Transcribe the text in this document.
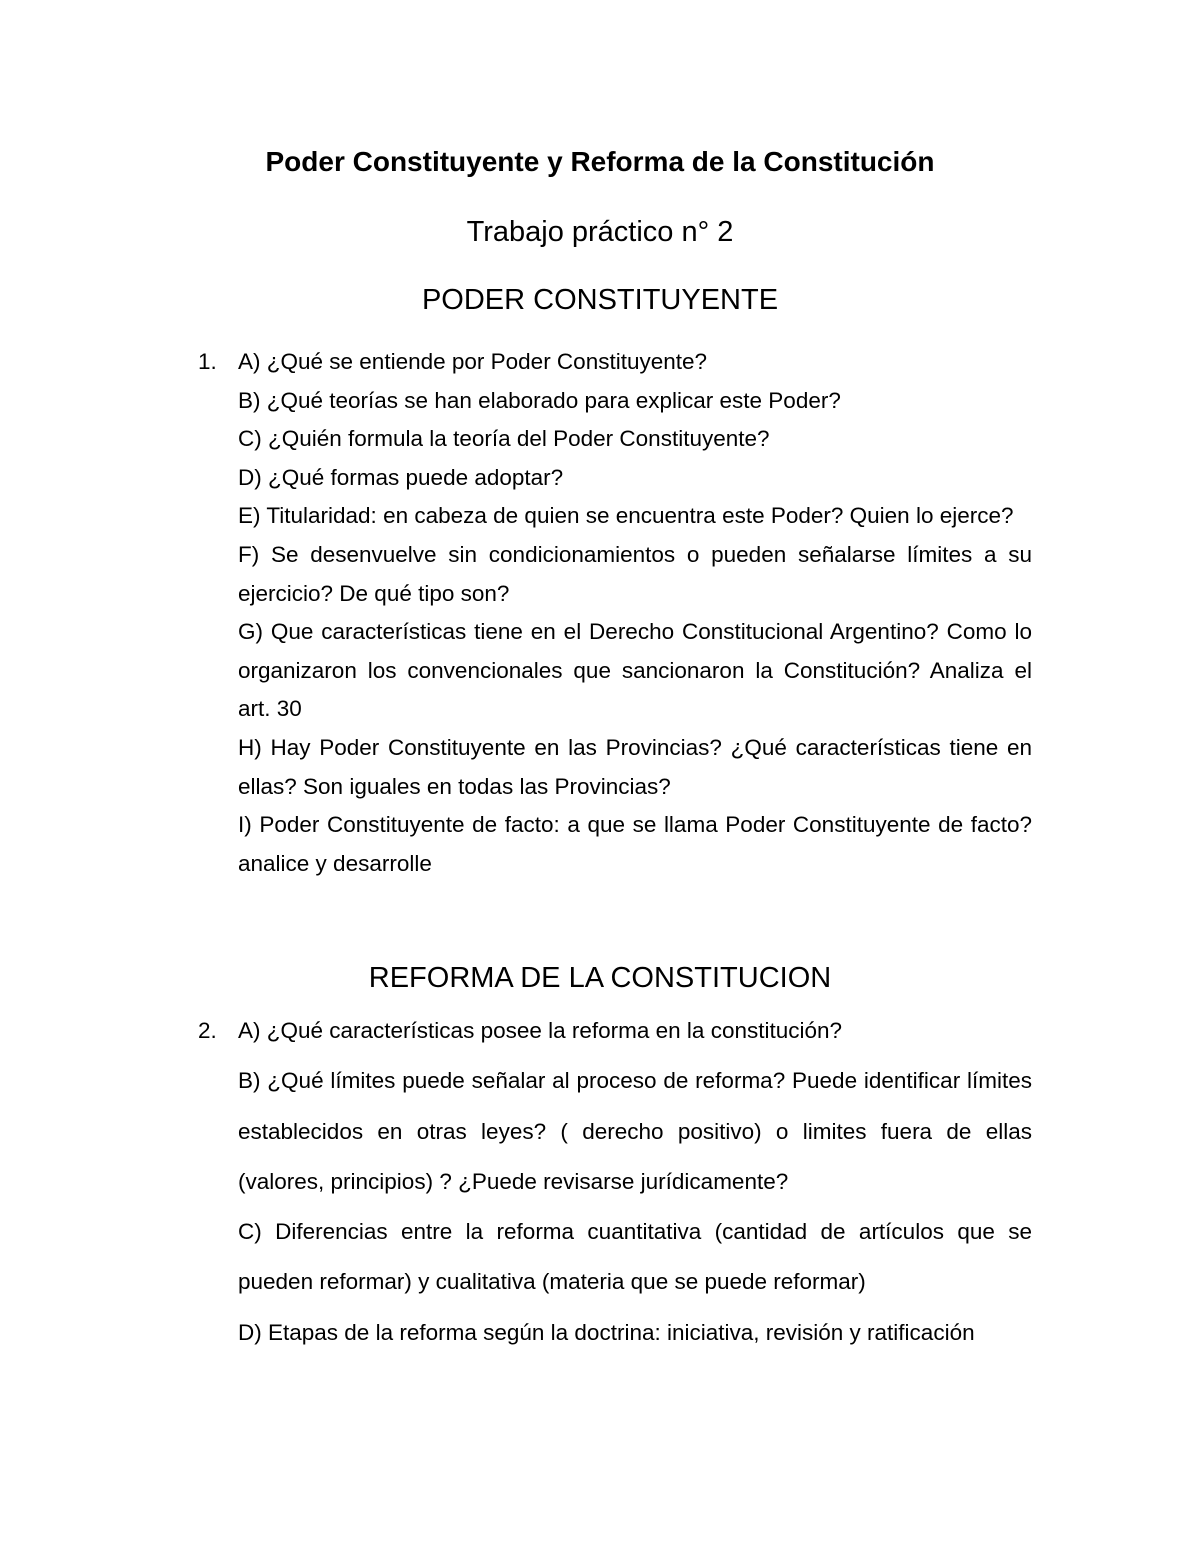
Poder Constituyente y Reforma de la Constitución
Trabajo práctico n° 2
PODER CONSTITUYENTE
1. A) ¿Qué se entiende por Poder Constituyente?

B) ¿Qué teorías se han elaborado para explicar este Poder?

C) ¿Quién formula la teoría del Poder Constituyente?

D) ¿Qué formas puede adoptar?

E) Titularidad: en cabeza de quien se encuentra este Poder? Quien lo ejerce?

F) Se desenvuelve sin condicionamientos o pueden señalarse límites a su ejercicio? De qué tipo son?

G) Que características tiene en el Derecho Constitucional Argentino? Como lo organizaron los convencionales que sancionaron la Constitución? Analiza el art. 30

H) Hay Poder Constituyente en las Provincias? ¿Qué características tiene en ellas? Son iguales en todas las Provincias?

I) Poder Constituyente de facto: a que se llama Poder Constituyente de facto? analice y desarrolle

REFORMA DE LA CONSTITUCION
2. A) ¿Qué características posee la reforma en la constitución?

B) ¿Qué límites puede señalar al proceso de reforma? Puede identificar límites establecidos en otras leyes? ( derecho positivo) o limites fuera de ellas (valores, principios) ? ¿Puede revisarse jurídicamente?

C) Diferencias entre la reforma cuantitativa (cantidad de artículos que se pueden reformar) y cualitativa (materia que se puede reformar)

D) Etapas de la reforma según la doctrina: iniciativa, revisión y ratificación
